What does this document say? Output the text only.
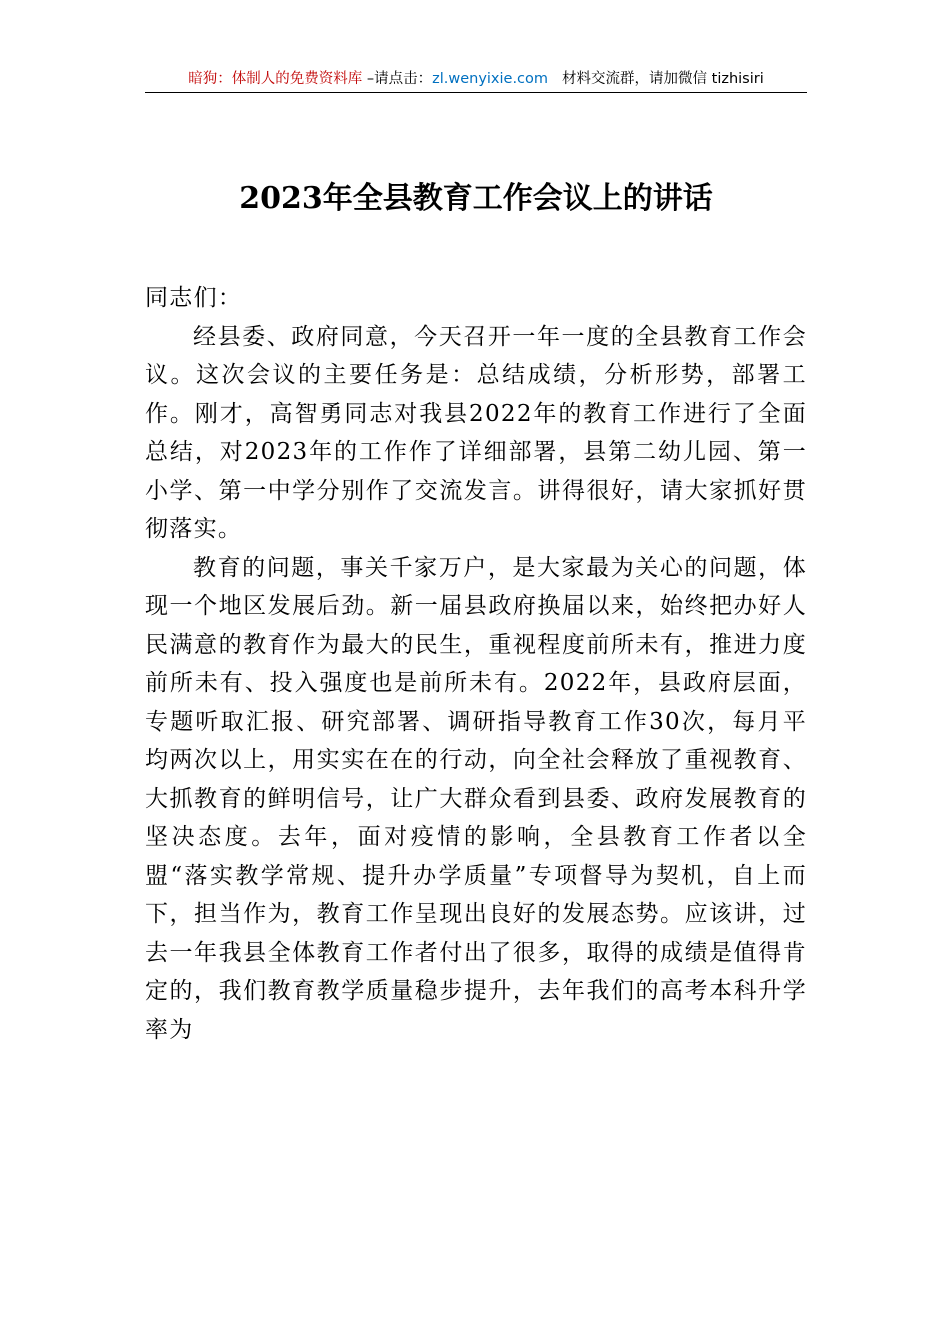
暗狗：体制人的免费资料库 –请点击：zl.wenyixie.com 材料交流群，请加微信 tizhisiri
2023年全县教育工作会议上的讲话

同志们：

经县委、政府同意，今天召开一年一度的全县教育工作会议。这次会议的主要任务是：总结成绩，分析形势，部署工作。刚才，高智勇同志对我县2022年的教育工作进行了全面总结，对2023年的工作作了详细部署，县第二幼儿园、第一小学、第一中学分别作了交流发言。讲得很好，请大家抓好贯彻落实。

教育的问题，事关千家万户，是大家最为关心的问题，体现一个地区发展后劲。新一届县政府换届以来，始终把办好人民满意的教育作为最大的民生，重视程度前所未有，推进力度前所未有、投入强度也是前所未有。2022年，县政府层面，专题听取汇报、研究部署、调研指导教育工作30次，每月平均两次以上，用实实在在的行动，向全社会释放了重视教育、大抓教育的鲜明信号，让广大群众看到县委、政府发展教育的坚决态度。去年，面对疫情的影响，全县教育工作者以全盟“落实教学常规、提升办学质量”专项督导为契机，自上而下，担当作为，教育工作呈现出良好的发展态势。应该讲，过去一年我县全体教育工作者付出了很多，取得的成绩是值得肯定的，我们教育教学质量稳步提升，去年我们的高考本科升学率为
